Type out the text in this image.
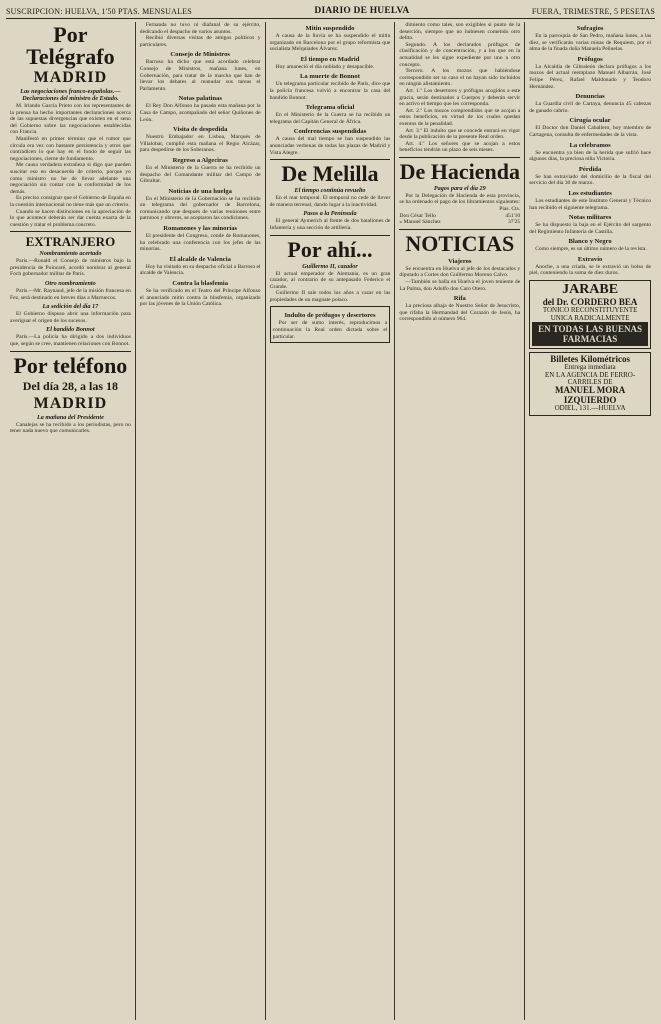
SUSCRIPCION: HUELVA, 1'50 PTAS. MENSUALES	DIARIO DE HUELVA	FUERA, TRIMESTRE, 5 PESETAS
Por Telégrafo
MADRID
Las negociaciones franco-españolas.—Declaraciones del ministro de Estado.

M. Irlando García Prieto con los representantes de la prensa ha hecho importantes declaraciones acerca de las supuestas divergencias que existen en el seno del Gobierno sobre las negociaciones establecidas con Francia.

Manifestó en primer término que el rumor que circula era vez con bastante persistencia y otros que contradicen lo que hay en el fondo de seguir las negociaciones, cierne de fundamento.

Me causa verdadera extrañeza sí digo que pueden suscitar eso en desacuerdo de criterio, porque yo como ministro no he de llevar adelante una negociación sin contar con la conformidad de los demás.

Es preciso consignar que el Gobierno de España en la cuestión internacional no tiene más que un criterio.

Cuando se hacen distinciones en la apreciación de lo que acontece deberán ser dar cuenta exacta de la cuestión y tratar el problema concreto.

EXTRANJERO
Nombramiento acertado

París.—Ronald el Consejo de ministros bajo la presidencia de Poincaré, acordó nombrar al general Foch gobernador militar de París.

Otro nombramiento

París.—Mr. Raynaud, jefe de la misión francesa en Fez, será destinado en breves días a Marruecos.

La sedición del día 17

El Gobierno dispuso abrir una información para averiguar el origen de los sucesos.

El bandido Bonnot

París.—La policía ha dirigido a dos individuos que, según se cree, mantienen relaciones con Bonnot.

Por teléfono
Del día 28, a las 18
MADRID
La mañana del Presidente

Canalejas se ha recibido a los periodistas, pero no tener nada nuevo que comunicarles.

Fernanda no tuvo ni diafanal de su ejército, dedicando el despacho de varios asuntos.

Recibió diversas visitas de amigos políticos y particulares.

Consejo de Ministros

Barroso ha dicho que está acordado celebrar Consejo de Ministros, mañana lunes, en Gobernación, para tratar de la marcha que han de llevar los debates al reanudar sus tareas el Parlamento.

Notas palatinas

El Rey Don Alfonso ha pasado esta mañana por la Casa de Campo, acompañado del señor Quiñones de León.

Visita de despedida

Nuestro Embajador en Lisboa, Marqués de Villalobar, cumplió esta mañana el Regio Alcázar, para despedirse de los Soberanos.

Regreso a Algeciras

En el Ministerio de la Guerra se ha recibido un despacho del Comandante militar del Campo de Gibraltar.

Noticias de una huelga

En el Ministerio de la Gobernación se ha recibido un telegrama del gobernador de Barcelona, comunicando que después de varias reuniones entre patronos y obreros, se aceptaron las condiciones.

Romanones y las minorías

El presidente del Congreso, conde de Romanones, ha celebrado una conferencia con los jefes de las minorías.

El alcalde de Valencia

Hoy ha visitado en su despacho oficial a Barroso el alcalde de Valencia.

Contra la blasfemia

Se ha verificado en el Teatro del Príncipe Alfonso el anunciado mitin contra la blasfemia, organizado por las jóvenes de la Unión Católica.

Mitin suspendido

A causa de la lluvia se ha suspendido el mitin organizado en Barcelona por el grupo reformista que socialista Melquiades Álvarez.

El tiempo en Madrid

Hoy amaneció el día nublado y desapacible.

La muerte de Bonnot

Un telegrama particular recibido de París, dice que la policía francesa volvió a encontrar la casa del bandido Bonnot.

Telegrama oficial

En el Ministerio de la Guerra se ha recibido un telegrama del Capitán General de África.

Conferencias suspendidas

A causa del mal tiempo se han suspendido las anunciadas verbenas de todas las plazas de Madrid y Vista Alegre.

De Melilla
El tiempo continúa revuelto

En el mar temporal. El temporal no cede de llover de manera terrenal, dando lugar a la inactividad.

Pasos a la Península

El general Aymerich al frente de dos batallones de Infantería y una sección de artillería.

Por ahí...
Guillermo II, cazador

El actual emperador de Alemania, es un gran cazador, al contrario de su antepasado Federico el Grande.

Guillermo II sale todos los años a cazar en las propiedades de un magnate polaco.

Indulto de prófugos y desertores

Por ser de sumo interés, reproducimos a continuación la Real orden dictada sobre el particular.

dimiento como tales, son exigibles si punto de la deserción, siempre que no hubiesen cometido otro delito.

Segundo. A los declarados prófugos de clasificación y de concentración, y a los que en la actualidad se les sigue expediente por uno u otro concepto.

Tercero. A los mozos que habiéndose correspondido ser su caso el no hayan sido incluidos en ningún alistamiento.

Art. 1.º Los desertores y prófugos acogidos a este gracia, serán destinados a Cuerpos y deberán servir en activo el tiempo que les corresponda.

Art. 2.º Los mozos comprendidos que se acojan a estos beneficios, en virtud de los cuales quedan exentos de la penalidad.

Art. 3.º El indulto que se concede entrará en vigor desde la publicación de la presente Real orden.

Art. 4.º Los señores que se acojan a estos beneficios tendrán un plazo de seis meses.

De Hacienda
Pagos para el día 29

Por la Delegación de Hacienda de esta provincia, se ha ordenado el pago de los libramientos siguientes:

Pías. Cts.
Don César Tello	451'10
» Manuel Sánchez	37'25
NOTICIAS
Viajeros

Se encuentra en Huelva al jefe de los destacados y diputado a Cortes don Guillermo Moreno Calvo.

—También se halla en Huelva el joven teniente de La Palma, don Adolfo don Caro Otero.

Rifa

La preciosa alhaja de Nuestro Señor de Jesucristo, que rifaba la Hermandad del Corazón de Jesús, ha correspondido al número 964.

Sufragios

En la parroquia de San Pedro, mañana lunes, a las diez, se verificarán varias misas de Requiem, por el alma de la finada doña Manuela Peñuelas.

Prófugos

La Alcaldía de Gibraleón declara prófugos a los mozos del actual reemplazo Manuel Albarrán, José Felipe Pérez, Rafael Maldonado y Teodoro Hernández.

Denuncias

La Guardia civil de Cartaya, denuncia 45 cabezas de ganado cabrío.

Cirugía ocular

El Doctor don Daniel Caballero, hoy miembro de Cartagena, consulta de enfermedades de la vista.

La celebramos

Se encuentra ya bien de la herida que sufrió hace algunos días, la preciosa niña Victoria.

Pérdida

Se han extraviado del domicilio de la fiscal del servicio del día 30 de marzo.

Los estudiantes

Los estudiantes de este Instituto General y Técnico han recibido el siguiente telegrama.

Notas militares

Se ha dispuesto la baja en el Ejército del sargento del Regimiento Infantería de Castilla.

Blanco y Negro

Como siempre, es un último número de la revista.

Extravío

Anoche, a una criada, se le extravió un bolso de piel, conteniendo la suma de diez duros.

JARABE
del Dr. CORDERO BEA
TONICO RECONSTITUYENTE
UNICA RADICALMENTE
EN TODAS LAS BUENAS FARMACIAS
Billetes Kilométricos
Entrega inmediata
EN LA AGENCIA DE FERRO-CARRILES DE
MANUEL MORA IZQUIERDO
ODIEL, 131.—HUELVA
